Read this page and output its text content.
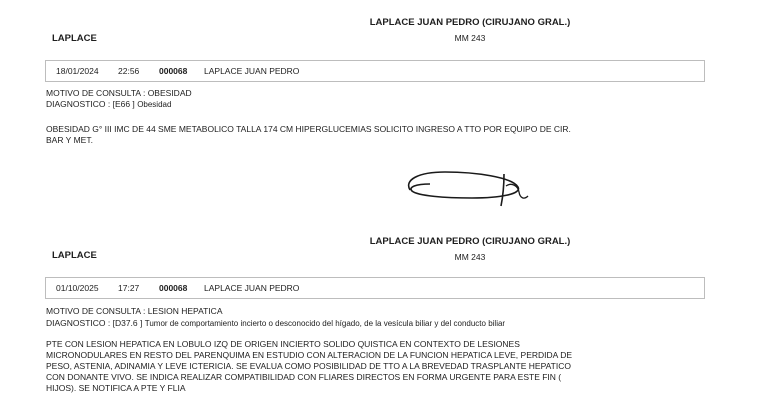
LAPLACE JUAN PEDRO (CIRUJANO GRAL.)
MM 243
LAPLACE
18/01/2024 22:56 000068 LAPLACE JUAN PEDRO
MOTIVO DE CONSULTA : OBESIDAD
DIAGNOSTICO : [E66 ] Obesidad
OBESIDAD G° III IMC DE 44 SME METABOLICO TALLA 174 CM HIPERGLUCEMIAS SOLICITO INGRESO A TTO POR EQUIPO DE CIR.
BAR Y MET.
LAPLACE JUAN PEDRO (CIRUJANO GRAL.)
MM 243
LAPLACE
01/10/2025 17:27 000068 LAPLACE JUAN PEDRO
MOTIVO DE CONSULTA : LESION HEPATICA
DIAGNOSTICO : [D37.6 ] Tumor de comportamiento incierto o desconocido del hígado, de la vesícula biliar y del conducto biliar
PTE CON LESION HEPATICA EN LOBULO IZQ DE ORIGEN INCIERTO SOLIDO QUISTICA EN CONTEXTO DE LESIONES
MICRONODULARES EN RESTO DEL PARENQUIMA EN ESTUDIO CON ALTERACION DE LA FUNCION HEPATICA LEVE, PERDIDA DE
PESO, ASTENIA, ADINAMIA Y LEVE ICTERICIA. SE EVALUA COMO POSIBILIDAD DE TTO A LA BREVEDAD TRASPLANTE HEPATICO
CON DONANTE VIVO. SE INDICA REALIZAR COMPATIBILIDAD CON FLIARES DIRECTOS EN FORMA URGENTE PARA ESTE FIN (
HIJOS). SE NOTIFICA A PTE Y FLIA
